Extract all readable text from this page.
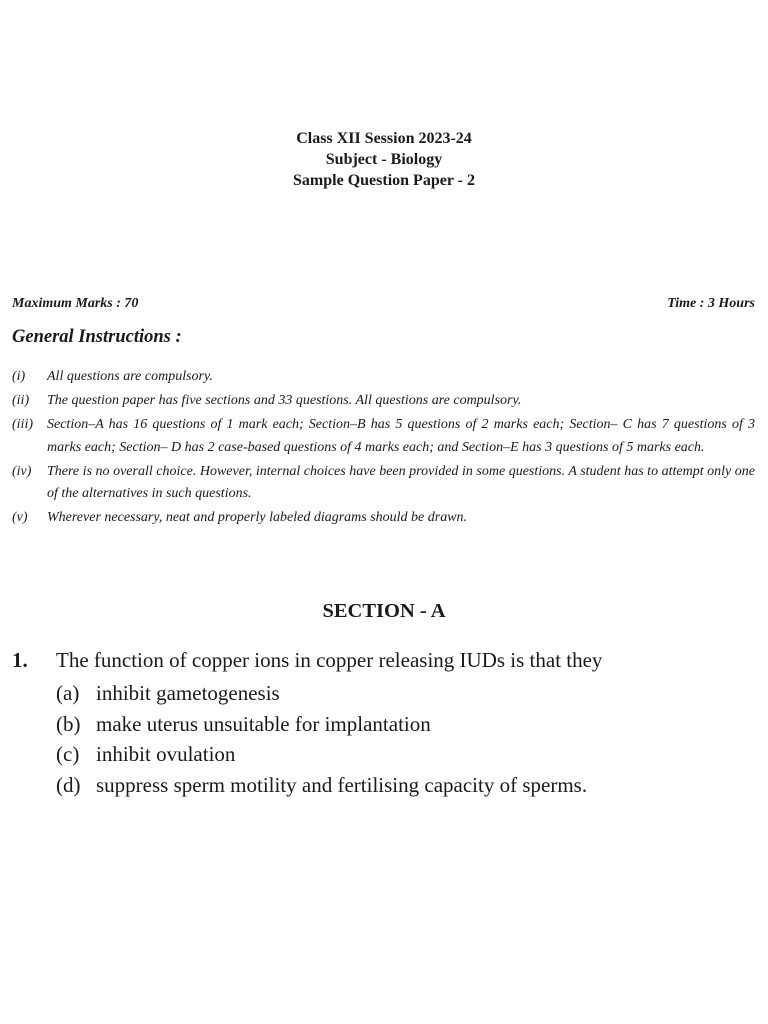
Class XII Session 2023-24
Subject - Biology
Sample Question Paper - 2
Maximum Marks : 70	Time : 3 Hours
General Instructions :
(i) All questions are compulsory.
(ii) The question paper has five sections and 33 questions. All questions are compulsory.
(iii) Section–A has 16 questions of 1 mark each; Section–B has 5 questions of 2 marks each; Section– C has 7 questions of 3 marks each; Section– D has 2 case-based questions of 4 marks each; and Section–E has 3 questions of 5 marks each.
(iv) There is no overall choice. However, internal choices have been provided in some questions. A student has to attempt only one of the alternatives in such questions.
(v) Wherever necessary, neat and properly labeled diagrams should be drawn.
SECTION - A
1. The function of copper ions in copper releasing IUDs is that they
(a) inhibit gametogenesis
(b) make uterus unsuitable for implantation
(c) inhibit ovulation
(d) suppress sperm motility and fertilising capacity of sperms.
